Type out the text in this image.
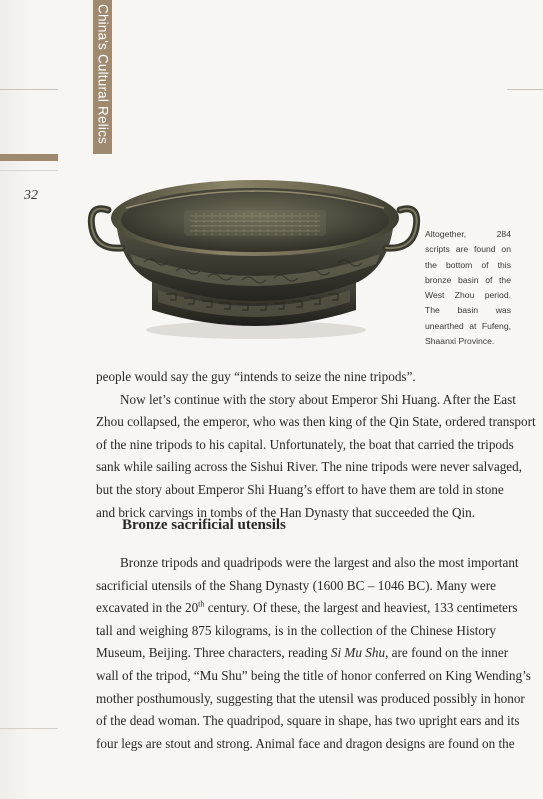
China's Cultural Relics
32
Altogether, 284
scripts are found on
the bottom of this
bronze basin of the
West Zhou period.
The basin was
unearthed at Fufeng,
Shaanxi Province.
people would say the guy “intends to seize the nine tripods”.
Now let’s continue with the story about Emperor Shi Huang. After the East
Zhou collapsed, the emperor, who was then king of the Qin State, ordered transport
of the nine tripods to his capital. Unfortunately, the boat that carried the tripods
sank while sailing across the Sishui River. The nine tripods were never salvaged,
but the story about Emperor Shi Huang’s effort to have them are told in stone
and brick carvings in tombs of the Han Dynasty that succeeded the Qin.
Bronze sacrificial utensils
Bronze tripods and quadripods were the largest and also the most important
sacrificial utensils of the Shang Dynasty (1600 BC – 1046 BC). Many were
excavated in the 20th century. Of these, the largest and heaviest, 133 centimeters
tall and weighing 875 kilograms, is in the collection of the Chinese History
Museum, Beijing. Three characters, reading Si Mu Shu, are found on the inner
wall of the tripod, “Mu Shu” being the title of honor conferred on King Wending’s
mother posthumously, suggesting that the utensil was produced possibly in honor
of the dead woman. The quadripod, square in shape, has two upright ears and its
four legs are stout and strong. Animal face and dragon designs are found on the
